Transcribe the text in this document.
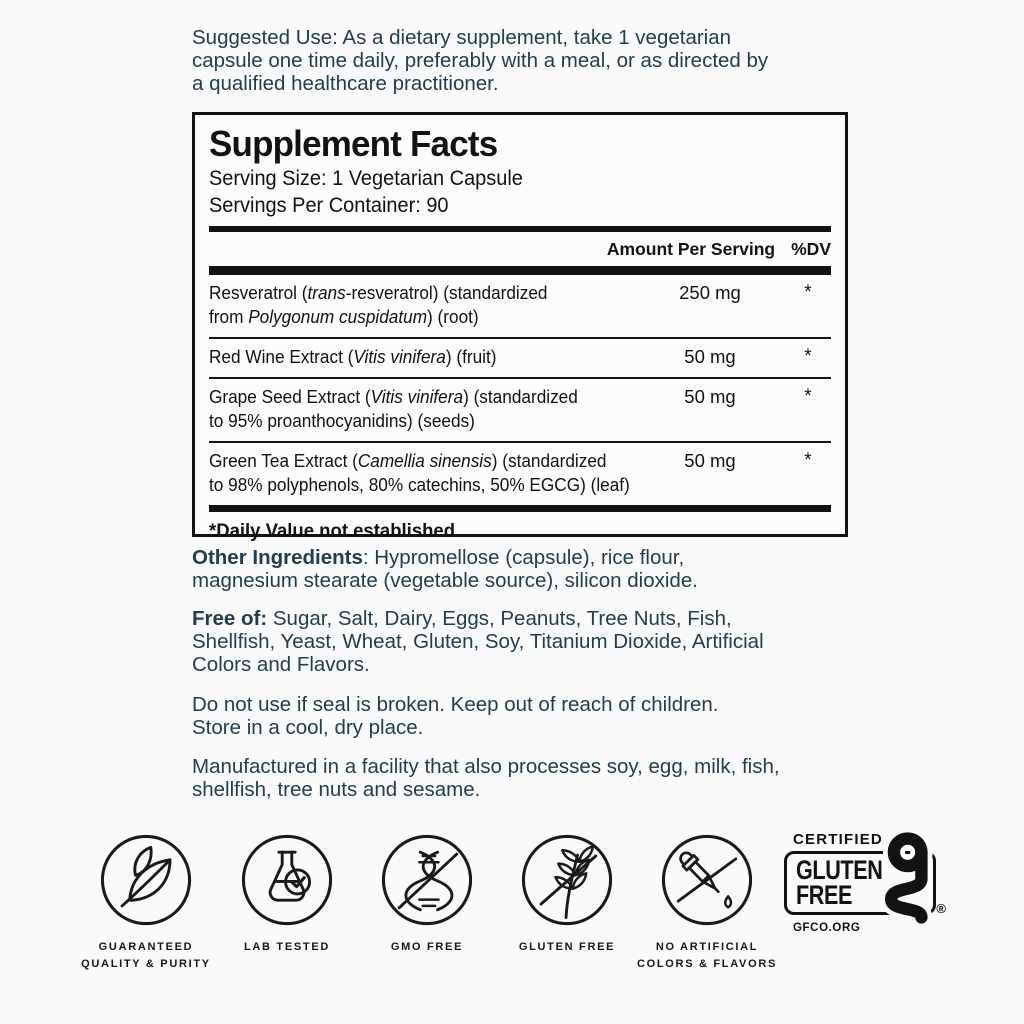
Suggested Use: As a dietary supplement, take 1 vegetarian
capsule one time daily, preferably with a meal, or as directed by
a qualified healthcare practitioner.
Supplement Facts
Serving Size: 1 Vegetarian Capsule
Servings Per Container: 90
Amount Per Serving %DV
Resveratrol (trans-resveratrol) (standardized
from Polygonum cuspidatum) (root)
250 mg	*
Red Wine Extract (Vitis vinifera) (fruit)	50 mg	*
Grape Seed Extract (Vitis vinifera) (standardized
to 95% proanthocyanidins) (seeds)
50 mg	*
Green Tea Extract (Camellia sinensis) (standardized
to 98% polyphenols, 80% catechins, 50% EGCG) (leaf)
50 mg	*
*Daily Value not established.
Other Ingredients: Hypromellose (capsule), rice flour,
magnesium stearate (vegetable source), silicon dioxide.
Free of: Sugar, Salt, Dairy, Eggs, Peanuts, Tree Nuts, Fish,
Shellfish, Yeast, Wheat, Gluten, Soy, Titanium Dioxide, Artificial
Colors and Flavors.
Do not use if seal is broken. Keep out of reach of children.
Store in a cool, dry place.
Manufactured in a facility that also processes soy, egg, milk, fish,
shellfish, tree nuts and sesame.
GUARANTEED
QUALITY & PURITY
LAB TESTED	GMO FREE	GLUTEN FREE	NO ARTIFICIAL
COLORS & FLAVORS
CERTIFIED
GLUTEN
FREE	®
GFCO.ORG
